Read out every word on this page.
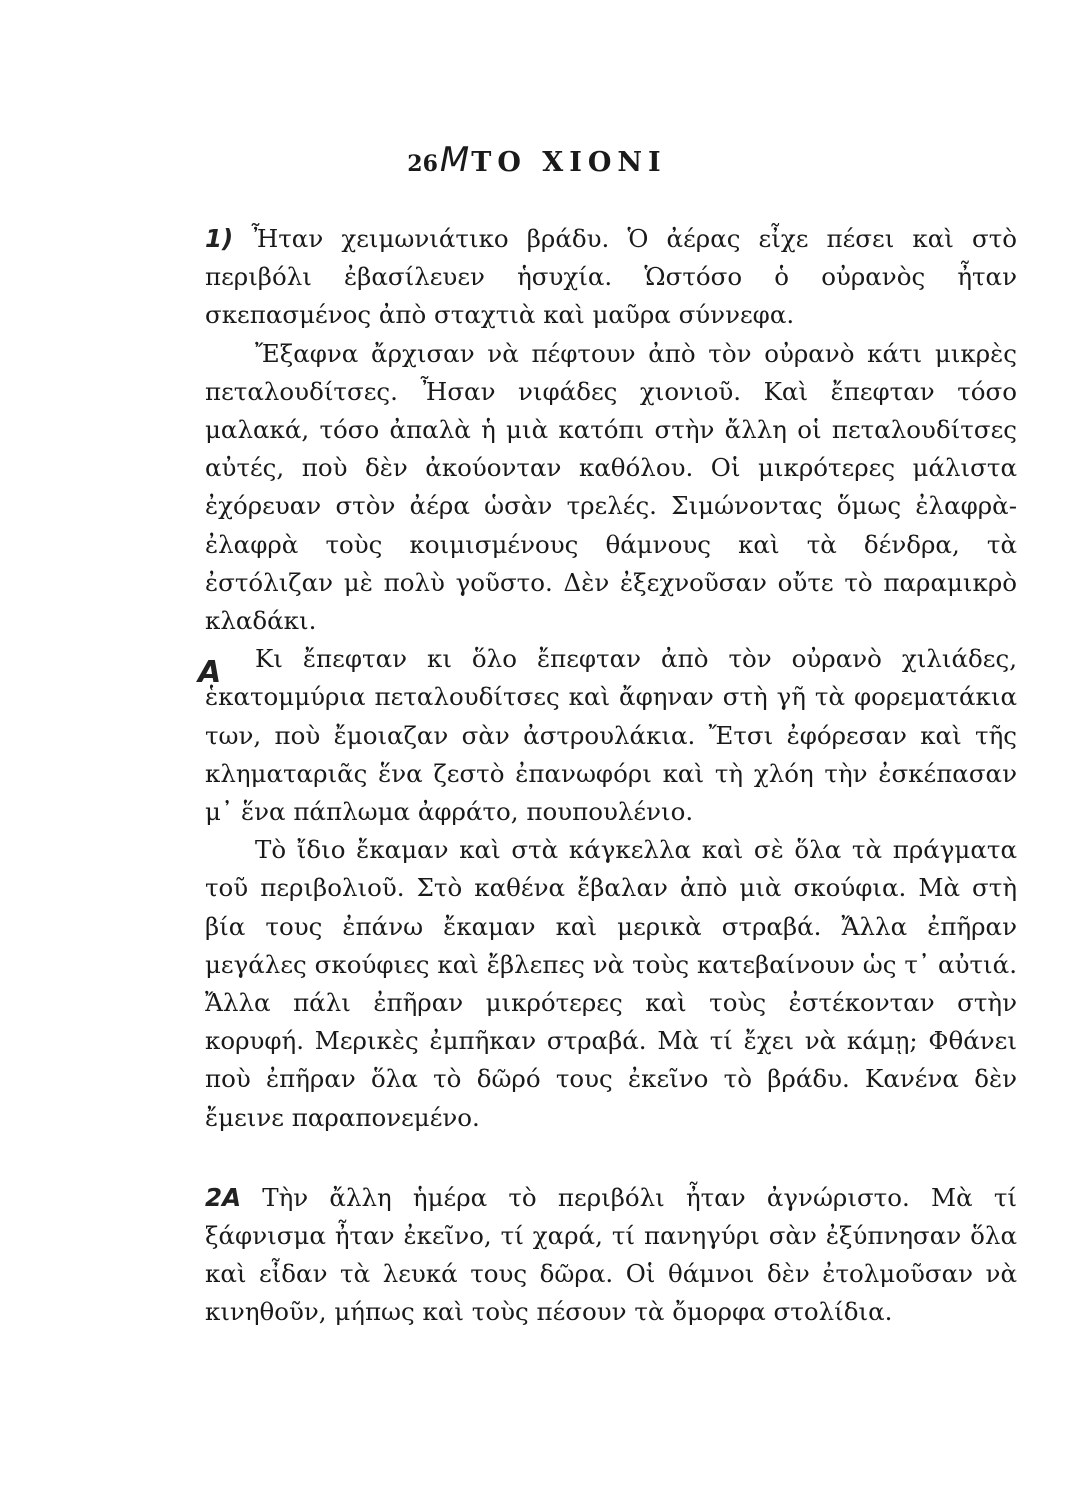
26MΤΟ ΧΙΟΝΙ

1) Ἦταν χειμωνιάτικο βράδυ. Ὁ ἀέρας εἶχε πέσει καὶ στὸ περιβόλι ἐβασίλευεν ἡσυχία. Ὡστόσο ὁ οὐρανὸς ἦταν σκεπασμένος ἀπὸ σταχτιὰ καὶ μαῦρα σύννεφα.

Ἔξαφνα ἄρχισαν νὰ πέφτουν ἀπὸ τὸν οὐρανὸ κάτι μικρὲς πεταλουδίτσες. Ἦσαν νιφάδες χιονιοῦ. Καὶ ἔπεφταν τόσο μαλακά, τόσο ἀπαλὰ ἡ μιὰ κατόπι στὴν ἄλλη οἱ πεταλουδίτσες αὐτές, ποὺ δὲν ἀκούονταν καθόλου. Οἱ μικρότερες μάλιστα ἐχόρευαν στὸν ἀέρα ὡσὰν τρελές. Σιμώνοντας ὅμως ἐλαφρὰ-ἐλαφρὰ τοὺς κοιμισμένους θάμνους καὶ τὰ δένδρα, τὰ ἐστόλιζαν μὲ πολὺ γοῦστο. Δὲν ἐξεχνοῦσαν οὔτε τὸ παραμικρὸ κλαδάκι.

Κι ἔπεφταν κι ὅλο ἔπεφταν ἀπὸ τὸν οὐρανὸ χιλιάδες, ἑκατομμύρια πεταλουδίτσες καὶ ἄφηναν στὴ γῆ τὰ φορεματάκια των, ποὺ ἔμοιαζαν σὰν ἀστρουλάκια. Ἔτσι ἐφόρεσαν καὶ τῆς κληματαριᾶς ἕνα ζεστὸ ἐπανωφόρι καὶ τὴ χλόη τὴν ἐσκέπασαν μ᾽ ἕνα πάπλωμα ἀφράτο, πουπουλένιο.

Τὸ ἴδιο ἔκαμαν καὶ στὰ κάγκελλα καὶ σὲ ὅλα τὰ πράγματα τοῦ περιβολιοῦ. Στὸ καθένα ἔβαλαν ἀπὸ μιὰ σκούφια. Μὰ στὴ βία τους ἐπάνω ἔκαμαν καὶ μερικὰ στραβά. Ἄλλα ἐπῆραν μεγάλες σκούφιες καὶ ἔβλεπες νὰ τοὺς κατεβαίνουν ὡς τ᾽ αὐτιά. Ἄλλα πάλι ἐπῆραν μικρότερες καὶ τοὺς ἐστέκονταν στὴν κορυφή. Μερικὲς ἐμπῆκαν στραβά. Μὰ τί ἔχει νὰ κάμῃ; Φθάνει ποὺ ἐπῆραν ὅλα τὸ δῶρό τους ἐκεῖνο τὸ βράδυ. Κανένα δὲν ἔμεινε παραπονεμένο.

2A Τὴν ἄλλη ἡμέρα τὸ περιβόλι ἦταν ἀγνώριστο. Μὰ τί ξάφνισμα ἦταν ἐκεῖνο, τί χαρά, τί πανηγύρι σὰν ἐξύπνησαν ὅλα καὶ εἶδαν τὰ λευκά τους δῶρα. Οἱ θάμνοι δὲν ἐτολμοῦσαν νὰ κινηθοῦν, μήπως καὶ τοὺς πέσουν τὰ ὄμορφα στολίδια.

A
